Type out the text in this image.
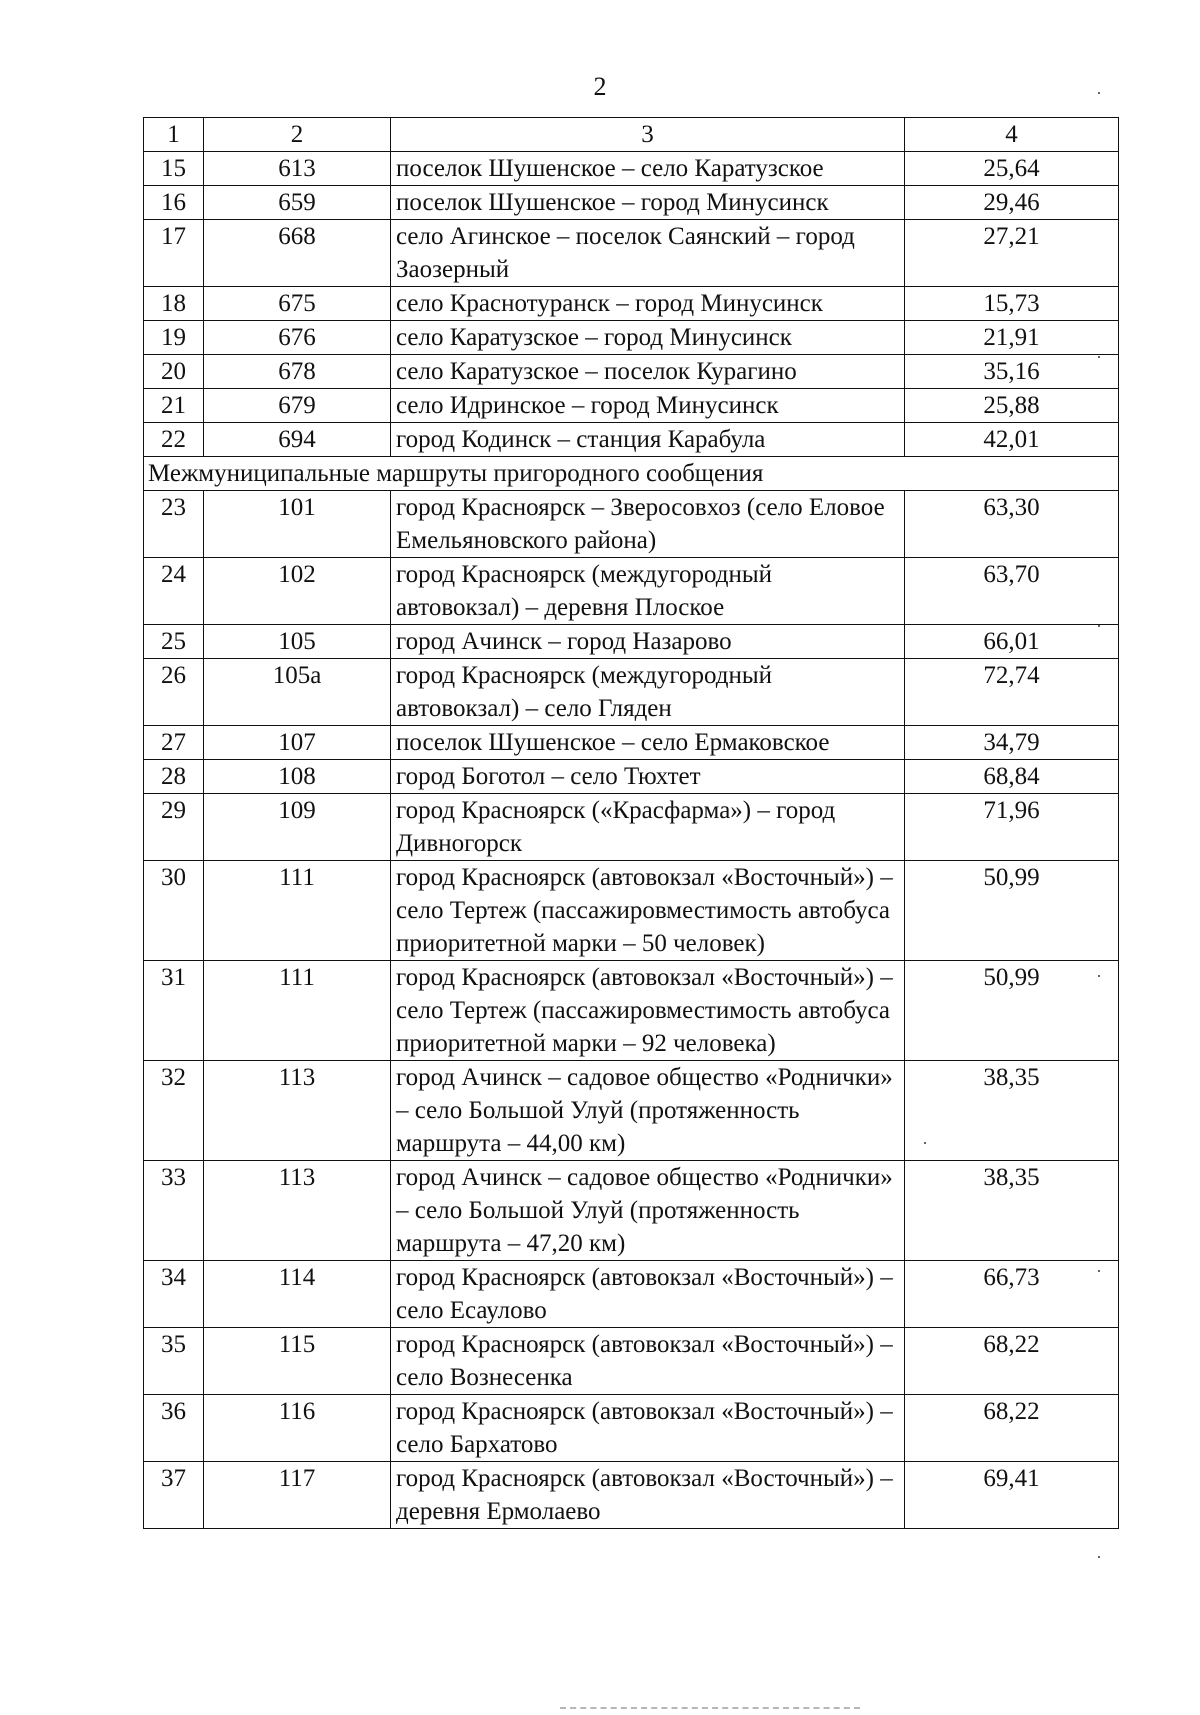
2
1	2	3	4
15	613	поселок Шушенское – село Каратузское	25,64
16	659	поселок Шушенское – город Минусинск	29,46
17	668	село Агинское – поселок Саянский – город Заозерный	27,21
18	675	село Краснотуранск – город Минусинск	15,73
19	676	село Каратузское – город Минусинск	21,91
20	678	село Каратузское – поселок Курагино	35,16
21	679	село Идринское – город Минусинск	25,88
22	694	город Кодинск – станция Карабула	42,01
Межмуниципальные маршруты пригородного сообщения			
23	101	город Красноярск – Зверосовхоз (село Еловое Емельяновского района)	63,30
24	102	город Красноярск (междугородный автовокзал) – деревня Плоское	63,70
25	105	город Ачинск – город Назарово	66,01
26	105а	город Красноярск (междугородный автовокзал) – село Гляден	72,74
27	107	поселок Шушенское – село Ермаковское	34,79
28	108	город Боготол – село Тюхтет	68,84
29	109	город Красноярск («Красфарма») – город Дивногорск	71,96
30	111	город Красноярск (автовокзал «Восточный») – село Тертеж (пассажировместимость автобуса приоритетной марки – 50 человек)	50,99
31	111	город Красноярск (автовокзал «Восточный») – село Тертеж (пассажировместимость автобуса приоритетной марки – 92 человека)	50,99
32	113	город Ачинск – садовое общество «Роднички» – село Большой Улуй (протяженность маршрута – 44,00 км)	38,35
33	113	город Ачинск – садовое общество «Роднички» – село Большой Улуй (протяженность маршрута – 47,20 км)	38,35
34	114	город Красноярск (автовокзал «Восточный») – село Есаулово	66,73
35	115	город Красноярск (автовокзал «Восточный») – село Вознесенка	68,22
36	116	город Красноярск (автовокзал «Восточный») – село Бархатово	68,22
37	117	город Красноярск (автовокзал «Восточный») – деревня Ермолаево	69,41
